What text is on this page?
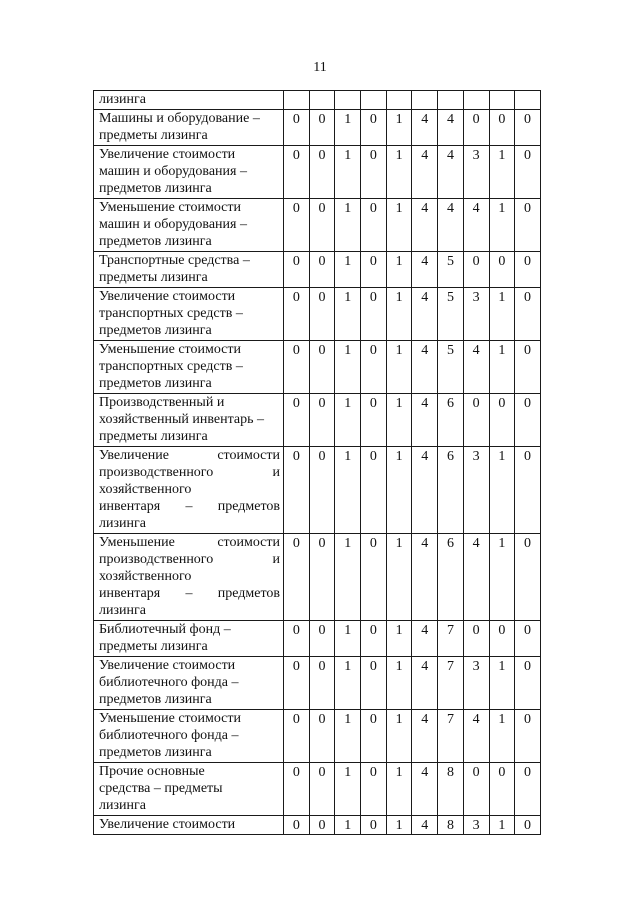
11
лизинга										

Машины и оборудование –
предметы лизинга	0	0	1	0	1	4	4	0	0	0

Увеличение стоимости
машин и оборудования –
предметов лизинга	0	0	1	0	1	4	4	3	1	0

Уменьшение стоимости
машин и оборудования –
предметов лизинга	0	0	1	0	1	4	4	4	1	0

Транспортные средства –
предметы лизинга	0	0	1	0	1	4	5	0	0	0

Увеличение стоимости
транспортных средств –
предметов лизинга	0	0	1	0	1	4	5	3	1	0

Уменьшение стоимости
транспортных средств –
предметов лизинга	0	0	1	0	1	4	5	4	1	0

Производственный и
хозяйственный инвентарь –
предметы лизинга	0	0	1	0	1	4	6	0	0	0

Увеличение стоимости
производственного и
хозяйственного
инвентаря – предметов
лизинга	0	0	1	0	1	4	6	3	1	0

Уменьшение стоимости
производственного и
хозяйственного
инвентаря – предметов
лизинга	0	0	1	0	1	4	6	4	1	0

Библиотечный фонд –
предметы лизинга	0	0	1	0	1	4	7	0	0	0

Увеличение стоимости
библиотечного фонда –
предметов лизинга	0	0	1	0	1	4	7	3	1	0

Уменьшение стоимости
библиотечного фонда –
предметов лизинга	0	0	1	0	1	4	7	4	1	0

Прочие основные
средства – предметы
лизинга	0	0	1	0	1	4	8	0	0	0

Увеличение стоимости	0	0	1	0	1	4	8	3	1	0
